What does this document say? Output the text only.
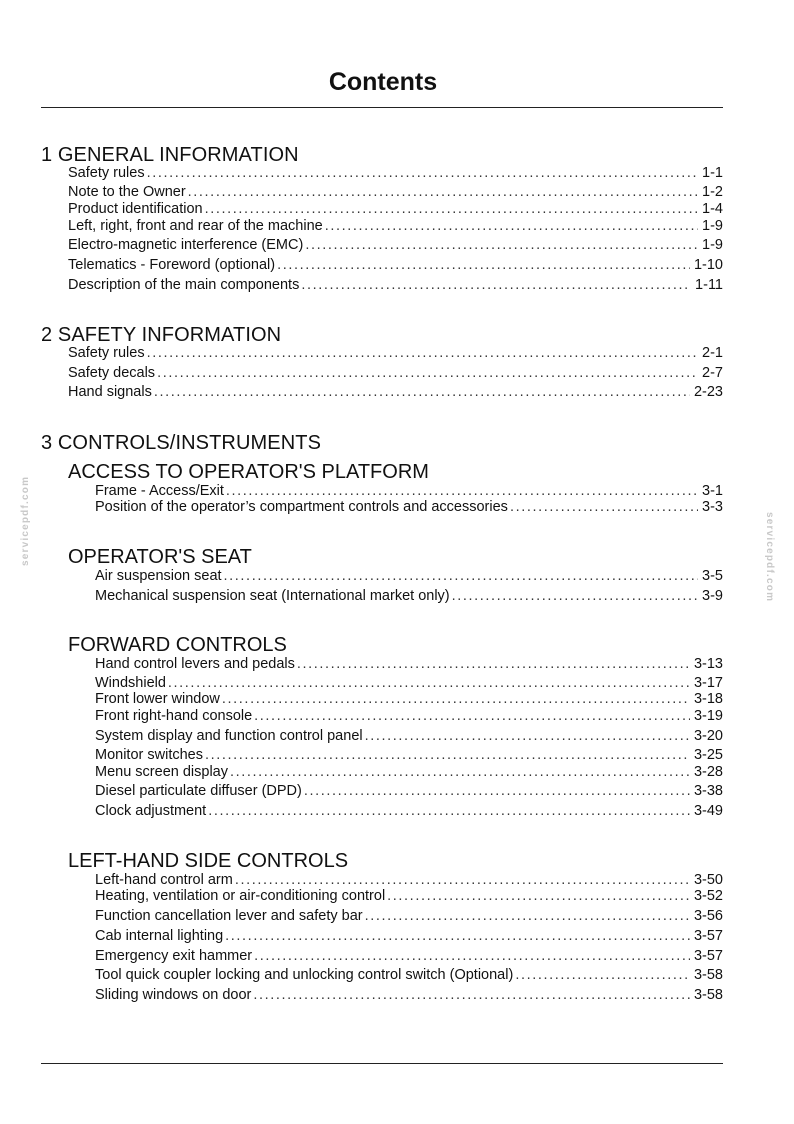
Contents
1 GENERAL INFORMATION
Safety rules .....	1-1
Note to the Owner .....	1-2
Product identification .....	1-4
Left, right, front and rear of the machine .....	1-9
Electro-magnetic interference (EMC) .....	1-9
Telematics - Foreword (optional) .....	1-10
Description of the main components .....	1-11
2 SAFETY INFORMATION
Safety rules .....	2-1
Safety decals .....	2-7
Hand signals .....	2-23
3 CONTROLS/INSTRUMENTS
ACCESS TO OPERATOR'S PLATFORM
Frame - Access/Exit .....	3-1
Position of the operator’s compartment controls and accessories .....	3-3
OPERATOR'S SEAT
Air suspension seat .....	3-5
Mechanical suspension seat (International market only) .....	3-9
FORWARD CONTROLS
Hand control levers and pedals .....	3-13
Windshield .....	3-17
Front lower window .....	3-18
Front right-hand console .....	3-19
System display and function control panel .....	3-20
Monitor switches .....	3-25
Menu screen display .....	3-28
Diesel particulate diffuser (DPD) .....	3-38
Clock adjustment .....	3-49
LEFT-HAND SIDE CONTROLS
Left-hand control arm .....	3-50
Heating, ventilation or air-conditioning control .....	3-52
Function cancellation lever and safety bar .....	3-56
Cab internal lighting .....	3-57
Emergency exit hammer .....	3-57
Tool quick coupler locking and unlocking control switch (Optional) .....	3-58
Sliding windows on door .....	3-58
servicepdf.com	servicepdf.com
